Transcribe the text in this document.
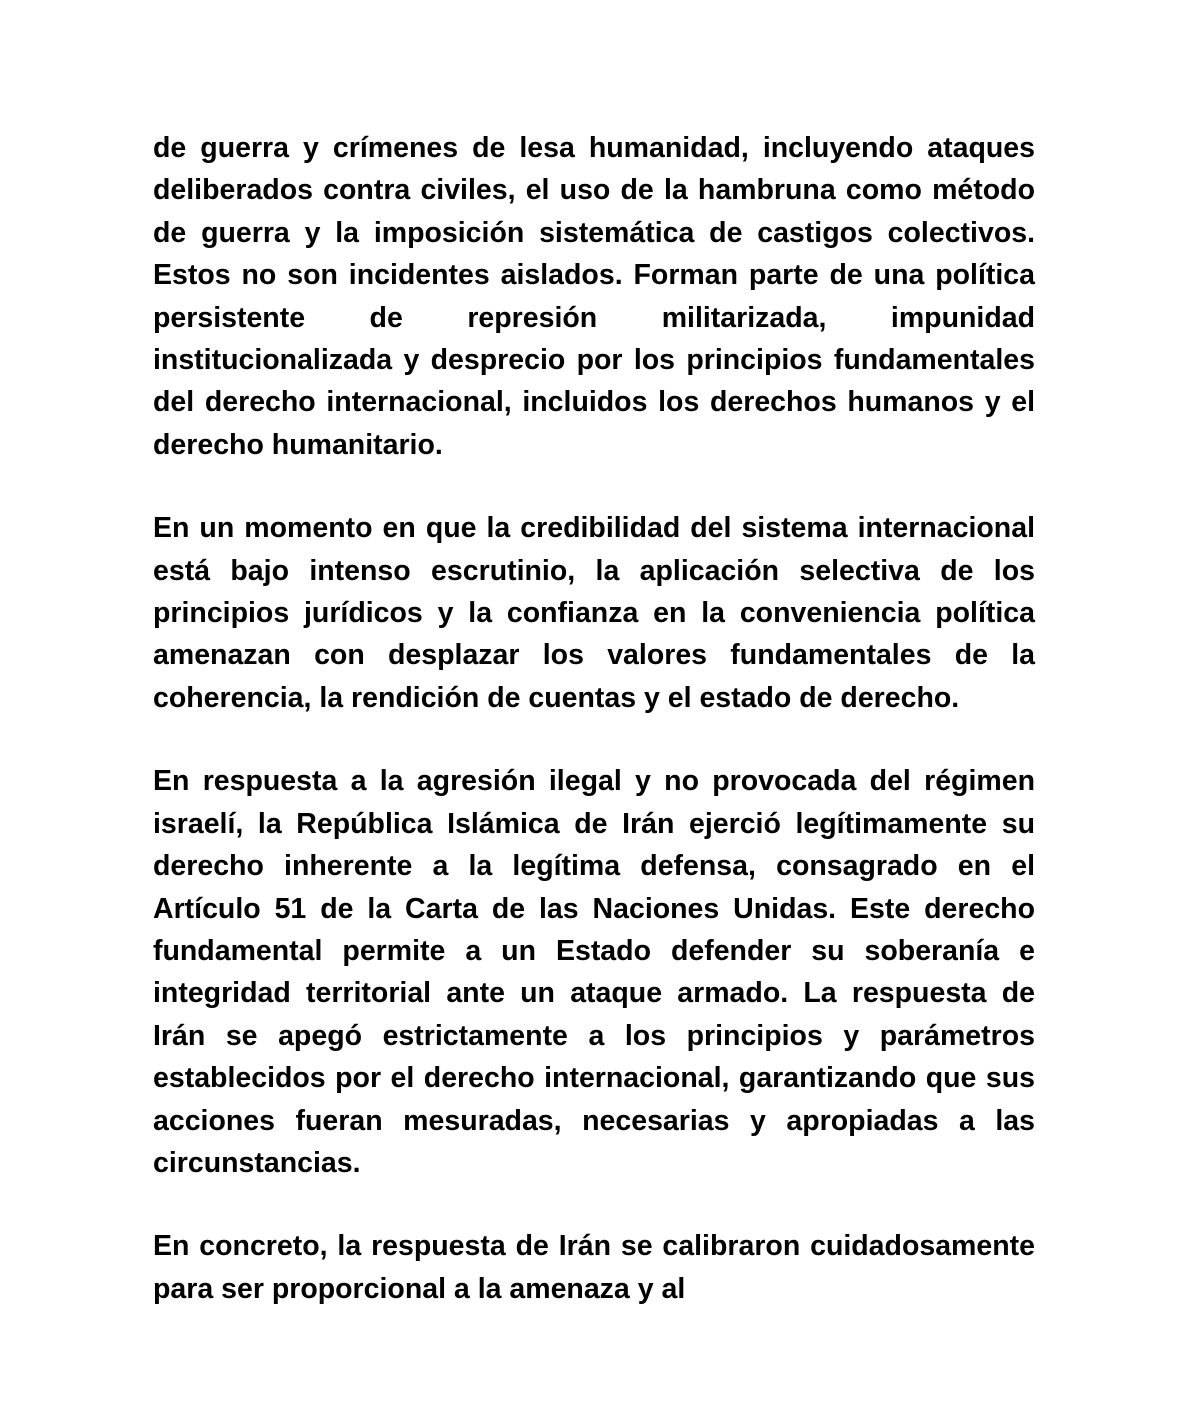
de guerra y crímenes de lesa humanidad, incluyendo ataques deliberados contra civiles, el uso de la hambruna como método de guerra y la imposición sistemática de castigos colectivos. Estos no son incidentes aislados. Forman parte de una política persistente de represión militarizada, impunidad institucionalizada y desprecio por los principios fundamentales del derecho internacional, incluidos los derechos humanos y el derecho humanitario.

En un momento en que la credibilidad del sistema internacional está bajo intenso escrutinio, la aplicación selectiva de los principios jurídicos y la confianza en la conveniencia política amenazan con desplazar los valores fundamentales de la coherencia, la rendición de cuentas y el estado de derecho.

En respuesta a la agresión ilegal y no provocada del régimen israelí, la República Islámica de Irán ejerció legítimamente su derecho inherente a la legítima defensa, consagrado en el Artículo 51 de la Carta de las Naciones Unidas. Este derecho fundamental permite a un Estado defender su soberanía e integridad territorial ante un ataque armado. La respuesta de Irán se apegó estrictamente a los principios y parámetros establecidos por el derecho internacional, garantizando que sus acciones fueran mesuradas, necesarias y apropiadas a las circunstancias.

En concreto, la respuesta de Irán se calibraron cuidadosamente para ser proporcional a la amenaza y al
